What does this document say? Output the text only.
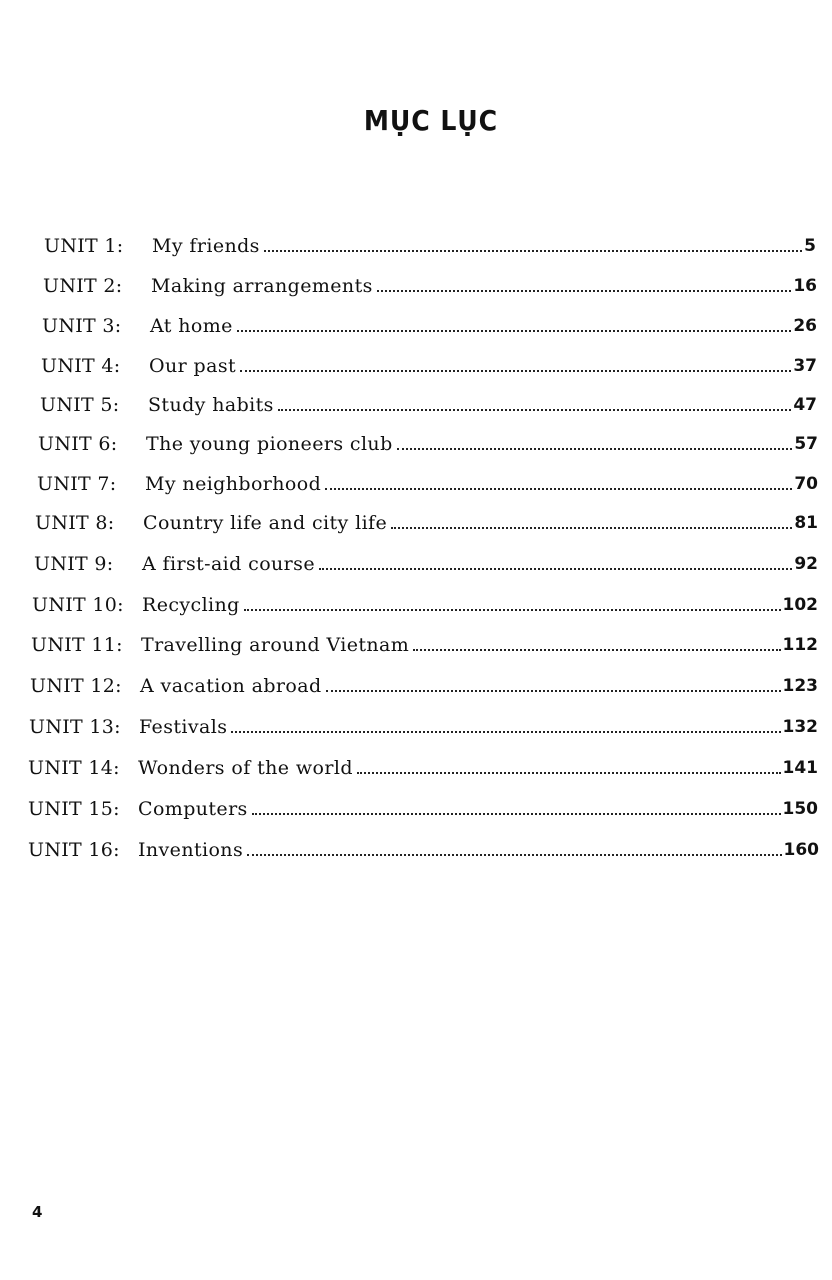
MỤC LỤC
UNIT 1:	My friends	5
UNIT 2:	Making arrangements	16
UNIT 3:	At home	26
UNIT 4:	Our past	37
UNIT 5:	Study habits	47
UNIT 6:	The young pioneers club	57
UNIT 7:	My neighborhood	70
UNIT 8:	Country life and city life	81
UNIT 9:	A first-aid course	92
UNIT 10: Recycling	102
UNIT 11: Travelling around Vietnam	112
UNIT 12: A vacation abroad	123
UNIT 13: Festivals	132
UNIT 14: Wonders of the world	141
UNIT 15: Computers	150
UNIT 16: Inventions	160
4
